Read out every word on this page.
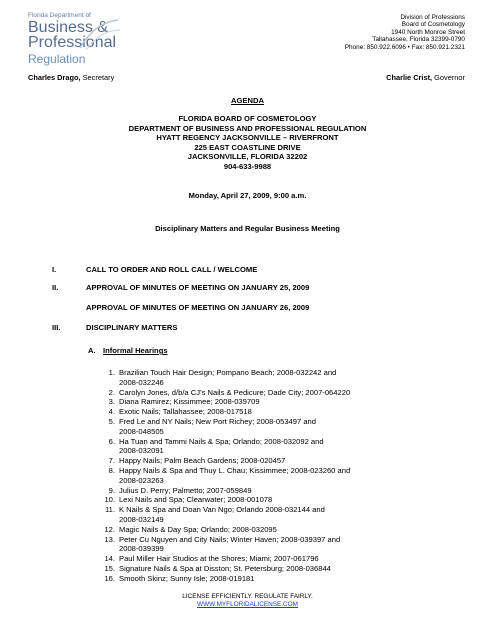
Florida Department of
Business &
Professional
Regulation
Division of Professions
Board of Cosmetology
1940 North Monroe Street
Tallahassee, Florida 32399-0790
Phone: 850.922.6096 • Fax: 850.921.2321
Charles Drago, Secretary	Charlie Crist, Governor
AGENDA
FLORIDA BOARD OF COSMETOLOGY
DEPARTMENT OF BUSINESS AND PROFESSIONAL REGULATION
HYATT REGENCY JACKSONVILLE – RIVERFRONT
225 EAST COASTLINE DRIVE
JACKSONVILLE, FLORIDA 32202
904-633-9988
Monday, April 27, 2009, 9:00 a.m.
Disciplinary Matters and Regular Business Meeting
I.	CALL TO ORDER AND ROLL CALL / WELCOME
II.	APPROVAL OF MINUTES OF MEETING ON JANUARY 25, 2009
APPROVAL OF MINUTES OF MEETING ON JANUARY 26, 2009
III.	DISCIPLINARY MATTERS
A. Informal Hearings
1. Brazilian Touch Hair Design; Pompano Beach; 2008-032242 and
2008-032246
2. Carolyn Jones, d/b/a CJ’s Nails & Pedicure; Dade City; 2007-064220
3. Diana Ramirez; Kissimmee; 2008-039709
4. Exotic Nails; Tallahassee; 2008-017518
5. Fred Le and NY Nails; New Port Richey; 2008-053497 and
2008-048505
6. Ha Tuan and Tammi Nails & Spa; Orlando; 2008-032092 and
2008-032091
7. Happy Nails; Palm Beach Gardens; 2008-020457
8. Happy Nails & Spa and Thuy L. Chau; Kissimmee; 2008-023260 and
2008-023263
9. Julius D. Perry; Palmetto; 2007-059849
10. Lexi Nails and Spa; Clearwater; 2008-001078
11. K Nails & Spa and Doan Van Ngo; Orlando 2008-032144 and
2008-032149
12. Magic Nails & Day Spa; Orlando; 2008-032095
13. Peter Cu Nguyen and City Nails; Winter Haven; 2008-039397 and
2008-039399
14. Paul Miller Hair Studios at the Shores; Miami; 2007-061796
15. Signature Nails & Spa at Disston; St. Petersburg; 2008-036844
16. Smooth Skinz; Sunny Isle; 2008-019181
LICENSE EFFICIENTLY. REGULATE FAIRLY.
WWW.MYFLORIDALICENSE.COM
